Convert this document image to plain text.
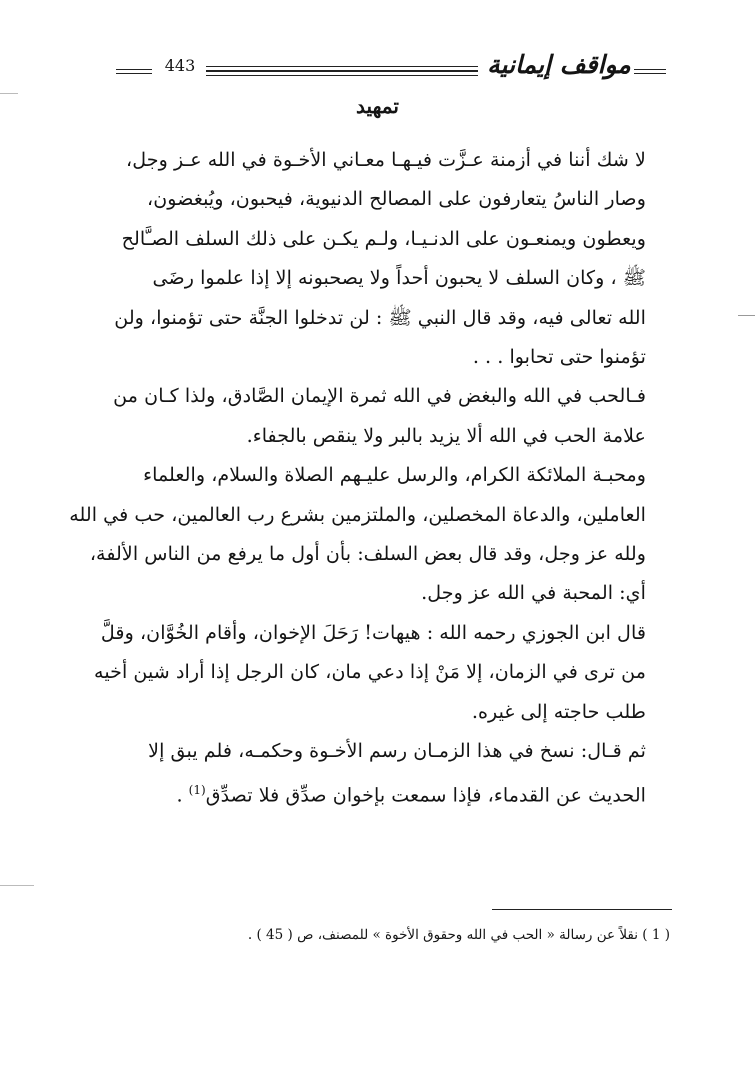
443	مواقف إيمانية
تمهيد

لا شك أننا في أزمنة عـزَّت فيـهـا معـاني الأخـوة في الله عـز وجل،
وصار الناسُ يتعارفون على المصالح الدنيوية، فيحبون، ويُبغضون،
ويعطون ويمنعـون على الدنـيـا، ولـم يكـن على ذلك السلف الصـَّالح
ﷺ ، وكان السلف لا يحبون أحداً ولا يصحبونه إلا إذا علموا رضَى
الله تعالى فيه، وقد قال النبي ﷺ : لن تدخلوا الجنَّة حتى تؤمنوا، ولن
تؤمنوا حتى تحابوا . . .

فـالحب في الله والبغض في الله ثمرة الإيمان الصَّادق، ولذا كـان من
علامة الحب في الله ألا يزيد بالبر ولا ينقص بالجفاء.

ومحبـة الملائكة الكرام، والرسل عليـهم الصلاة والسلام، والعلماء
العاملين، والدعاة المخصلين، والملتزمين بشرع رب العالمين، حب في الله
ولله عز وجل، وقد قال بعض السلف: بأن أول ما يرفع من الناس الألفة،
أي: المحبة في الله عز وجل.

قال ابن الجوزي رحمه الله : هيهات! رَحَلَ الإخوان، وأقام الخُوَّان، وقلَّ
من ترى في الزمان، إلا مَنْ إذا دعي مان، كان الرجل إذا أراد شين أخيه
طلب حاجته إلى غيره.

ثم قـال: نسخ في هذا الزمـان رسم الأخـوة وحكمـه، فلم يبق إلا
الحديث عن القدماء، فإذا سمعت بإخوان صدِّق فلا تصدِّق$^{(1)}$ .

( 1 ) نقلاً عن رسالة « الحب في الله وحقوق الأخوة » للمصنف، ص ( 45 ) .
